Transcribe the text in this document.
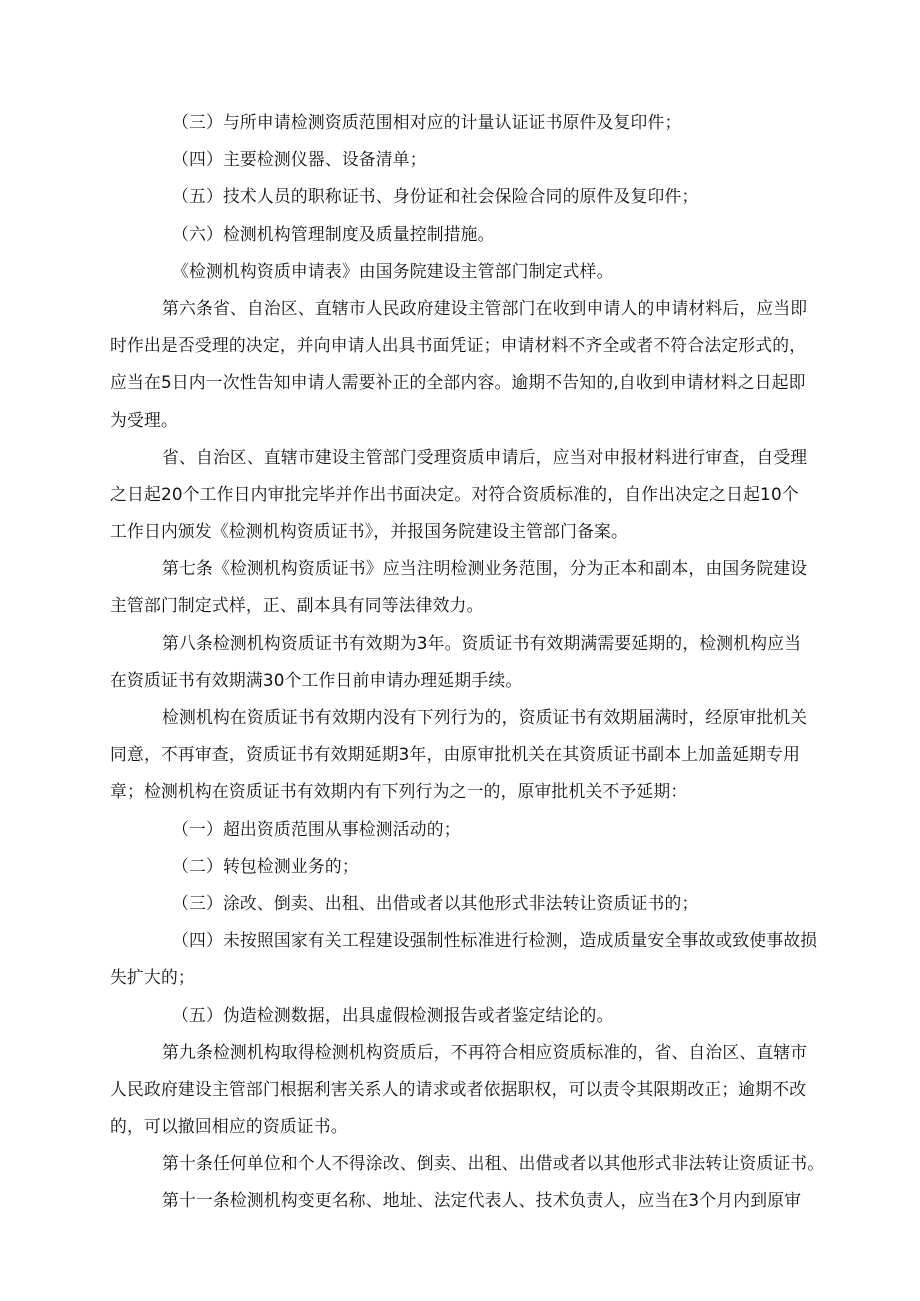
（三）与所申请检测资质范围相对应的计量认证证书原件及复印件；
（四）主要检测仪器、设备清单；
（五）技术人员的职称证书、身份证和社会保险合同的原件及复印件；
（六）检测机构管理制度及质量控制措施。
《检测机构资质申请表》由国务院建设主管部门制定式样。
第六条省、自治区、直辖市人民政府建设主管部门在收到申请人的申请材料后，应当即
时作出是否受理的决定，并向申请人出具书面凭证；申请材料不齐全或者不符合法定形式的，
应当在5日内一次性告知申请人需要补正的全部内容。逾期不告知的,自收到申请材料之日起即
为受理。
省、自治区、直辖市建设主管部门受理资质申请后，应当对申报材料进行审查，自受理
之日起20个工作日内审批完毕并作出书面决定。对符合资质标准的，自作出决定之日起10个
工作日内颁发《检测机构资质证书》，并报国务院建设主管部门备案。
第七条《检测机构资质证书》应当注明检测业务范围，分为正本和副本，由国务院建设
主管部门制定式样，正、副本具有同等法律效力。
第八条检测机构资质证书有效期为3年。资质证书有效期满需要延期的，检测机构应当
在资质证书有效期满30个工作日前申请办理延期手续。
检测机构在资质证书有效期内没有下列行为的，资质证书有效期届满时，经原审批机关
同意，不再审查，资质证书有效期延期3年，由原审批机关在其资质证书副本上加盖延期专用
章；检测机构在资质证书有效期内有下列行为之一的，原审批机关不予延期：
（一）超出资质范围从事检测活动的；
（二）转包检测业务的；
（三）涂改、倒卖、出租、出借或者以其他形式非法转让资质证书的；
（四）未按照国家有关工程建设强制性标准进行检测，造成质量安全事故或致使事故损
失扩大的；
（五）伪造检测数据，出具虚假检测报告或者鉴定结论的。
第九条检测机构取得检测机构资质后，不再符合相应资质标准的，省、自治区、直辖市
人民政府建设主管部门根据利害关系人的请求或者依据职权，可以责令其限期改正；逾期不改
的，可以撤回相应的资质证书。
第十条任何单位和个人不得涂改、倒卖、出租、出借或者以其他形式非法转让资质证书。
第十一条检测机构变更名称、地址、法定代表人、技术负责人，应当在3个月内到原审
